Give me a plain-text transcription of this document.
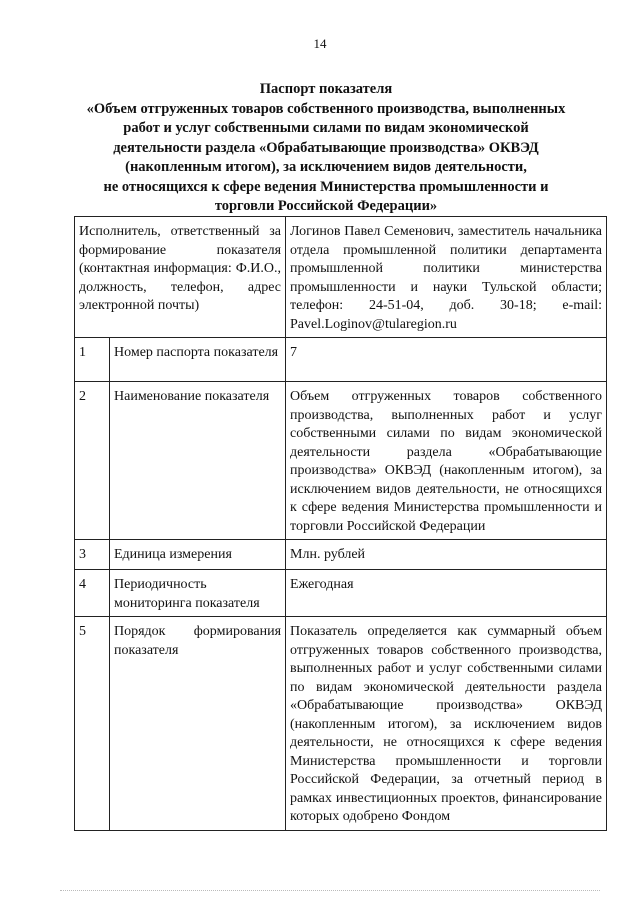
14
Паспорт показателя
«Объем отгруженных товаров собственного производства, выполненных
работ и услуг собственными силами по видам экономической
деятельности раздела «Обрабатывающие производства» ОКВЭД
(накопленным итогом), за исключением видов деятельности,
не относящихся к сфере ведения Министерства промышленности и
торговли Российской Федерации»
Исполнитель, ответственный за формирование показателя (контактная информация: Ф.И.О., должность, телефон, адрес электронной почты)		Логинов Павел Семенович, заместитель начальника отдела промышленной политики департамента промышленной политики министерства промышленности и науки Тульской области; телефон: 24-51-04, доб. 30-18; e-mail: Pavel.Loginov@tularegion.ru
1	Номер паспорта показателя	7
2	Наименование показателя	Объем отгруженных товаров собственного производства, выполненных работ и услуг собственными силами по видам экономической деятельности раздела «Обрабатывающие производства» ОКВЭД (накопленным итогом), за исключением видов деятельности, не относящихся к сфере ведения Министерства промышленности и торговли Российской Федерации
3	Единица измерения	Млн. рублей
4	Периодичность мониторинга показателя	Ежегодная
5	Порядок формирования показателя	Показатель определяется как суммарный объем отгруженных товаров собственного производства, выполненных работ и услуг собственными силами по видам экономической деятельности раздела «Обрабатывающие производства» ОКВЭД (накопленным итогом), за исключением видов деятельности, не относящихся к сфере ведения Министерства промышленности и торговли Российской Федерации, за отчетный период в рамках инвестиционных проектов, финансирование которых одобрено Фондом
